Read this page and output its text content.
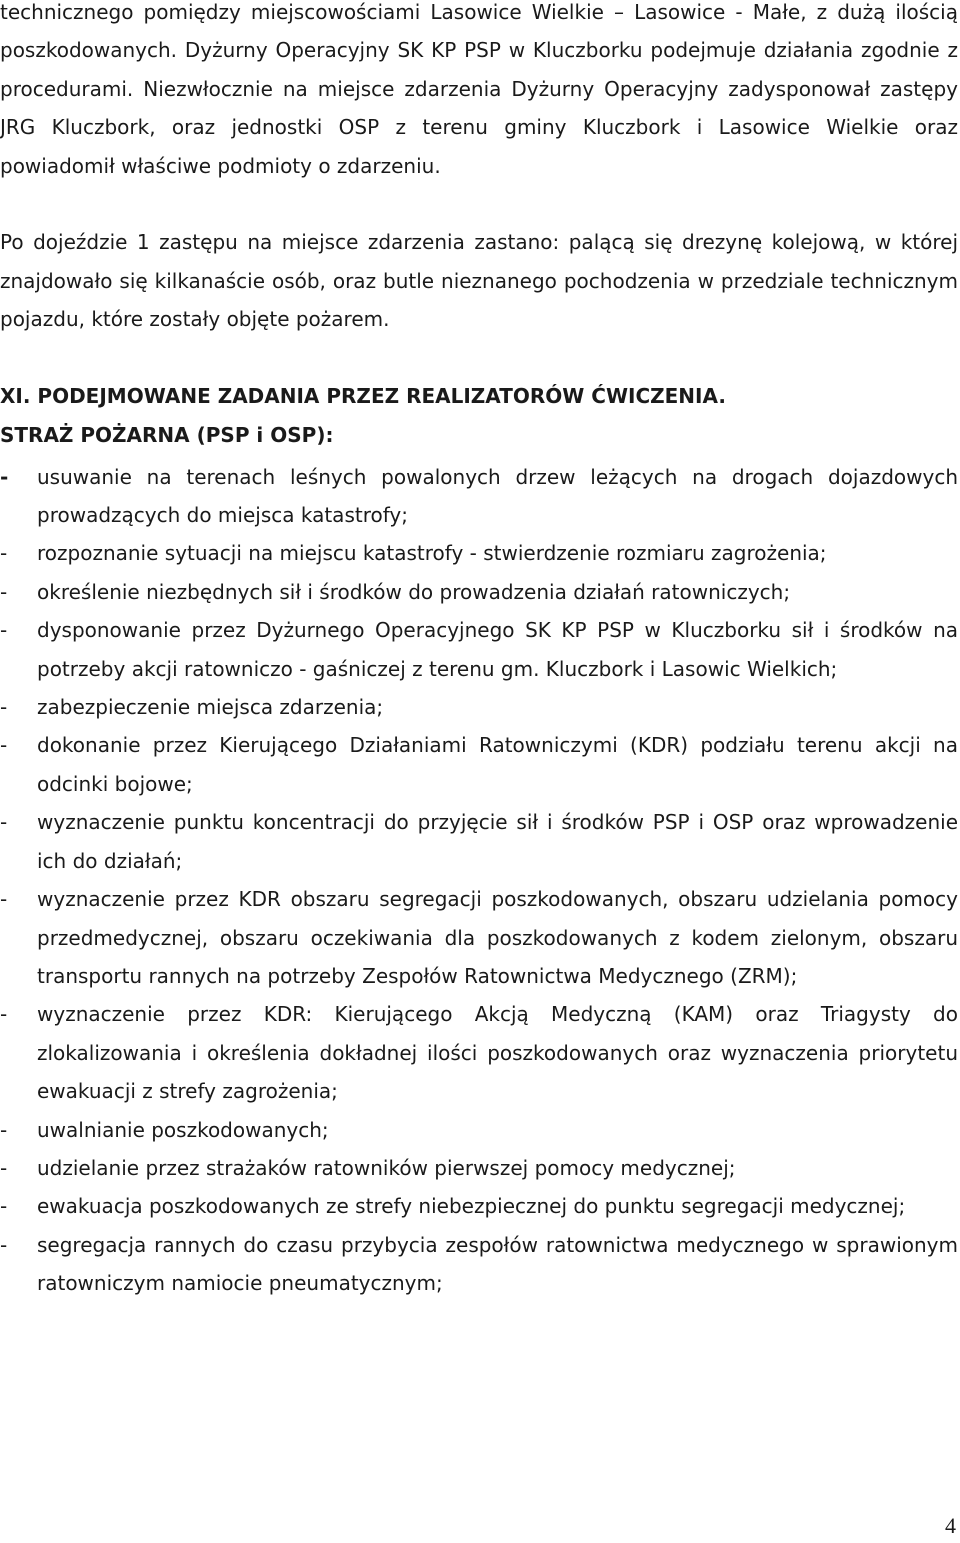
technicznego pomiędzy miejscowościami Lasowice Wielkie – Lasowice - Małe, z dużą ilością poszkodowanych. Dyżurny Operacyjny SK KP PSP w Kluczborku podejmuje działania zgodnie z procedurami. Niezwłocznie na miejsce zdarzenia Dyżurny Operacyjny zadysponował zastępy JRG Kluczbork, oraz jednostki OSP z terenu gminy Kluczbork i Lasowice Wielkie oraz powiadomił właściwe podmioty o zdarzeniu.

Po dojeździe 1 zastępu na miejsce zdarzenia zastano: palącą się drezynę kolejową, w której znajdowało się kilkanaście osób, oraz butle nieznanego pochodzenia w przedziale technicznym pojazdu, które zostały objęte pożarem.

XI. PODEJMOWANE ZADANIA PRZEZ REALIZATORÓW ĆWICZENIA.
STRAŻ POŻARNA (PSP i OSP):
- usuwanie na terenach leśnych powalonych drzew leżących na drogach dojazdowych prowadzących do miejsca katastrofy;
- rozpoznanie sytuacji na miejscu katastrofy - stwierdzenie rozmiaru zagrożenia;
- określenie niezbędnych sił i środków do prowadzenia działań ratowniczych;
- dysponowanie przez Dyżurnego Operacyjnego SK KP PSP w Kluczborku sił i środków na potrzeby akcji ratowniczo - gaśniczej z terenu gm. Kluczbork i Lasowic Wielkich;
- zabezpieczenie miejsca zdarzenia;
- dokonanie przez Kierującego Działaniami Ratowniczymi (KDR) podziału terenu akcji na odcinki bojowe;
- wyznaczenie punktu koncentracji do przyjęcie sił i środków PSP i OSP oraz wprowadzenie ich do działań;
- wyznaczenie przez KDR obszaru segregacji poszkodowanych, obszaru udzielania pomocy przedmedycznej, obszaru oczekiwania dla poszkodowanych z kodem zielonym, obszaru transportu rannych na potrzeby Zespołów Ratownictwa Medycznego (ZRM);
- wyznaczenie przez KDR: Kierującego Akcją Medyczną (KAM) oraz Triagysty do zlokalizowania i określenia dokładnej ilości poszkodowanych oraz wyznaczenia priorytetu ewakuacji z strefy zagrożenia;
- uwalnianie poszkodowanych;
- udzielanie przez strażaków ratowników pierwszej pomocy medycznej;
- ewakuacja poszkodowanych ze strefy niebezpiecznej do punktu segregacji medycznej;
- segregacja rannych do czasu przybycia zespołów ratownictwa medycznego w sprawionym ratowniczym namiocie pneumatycznym;
4
